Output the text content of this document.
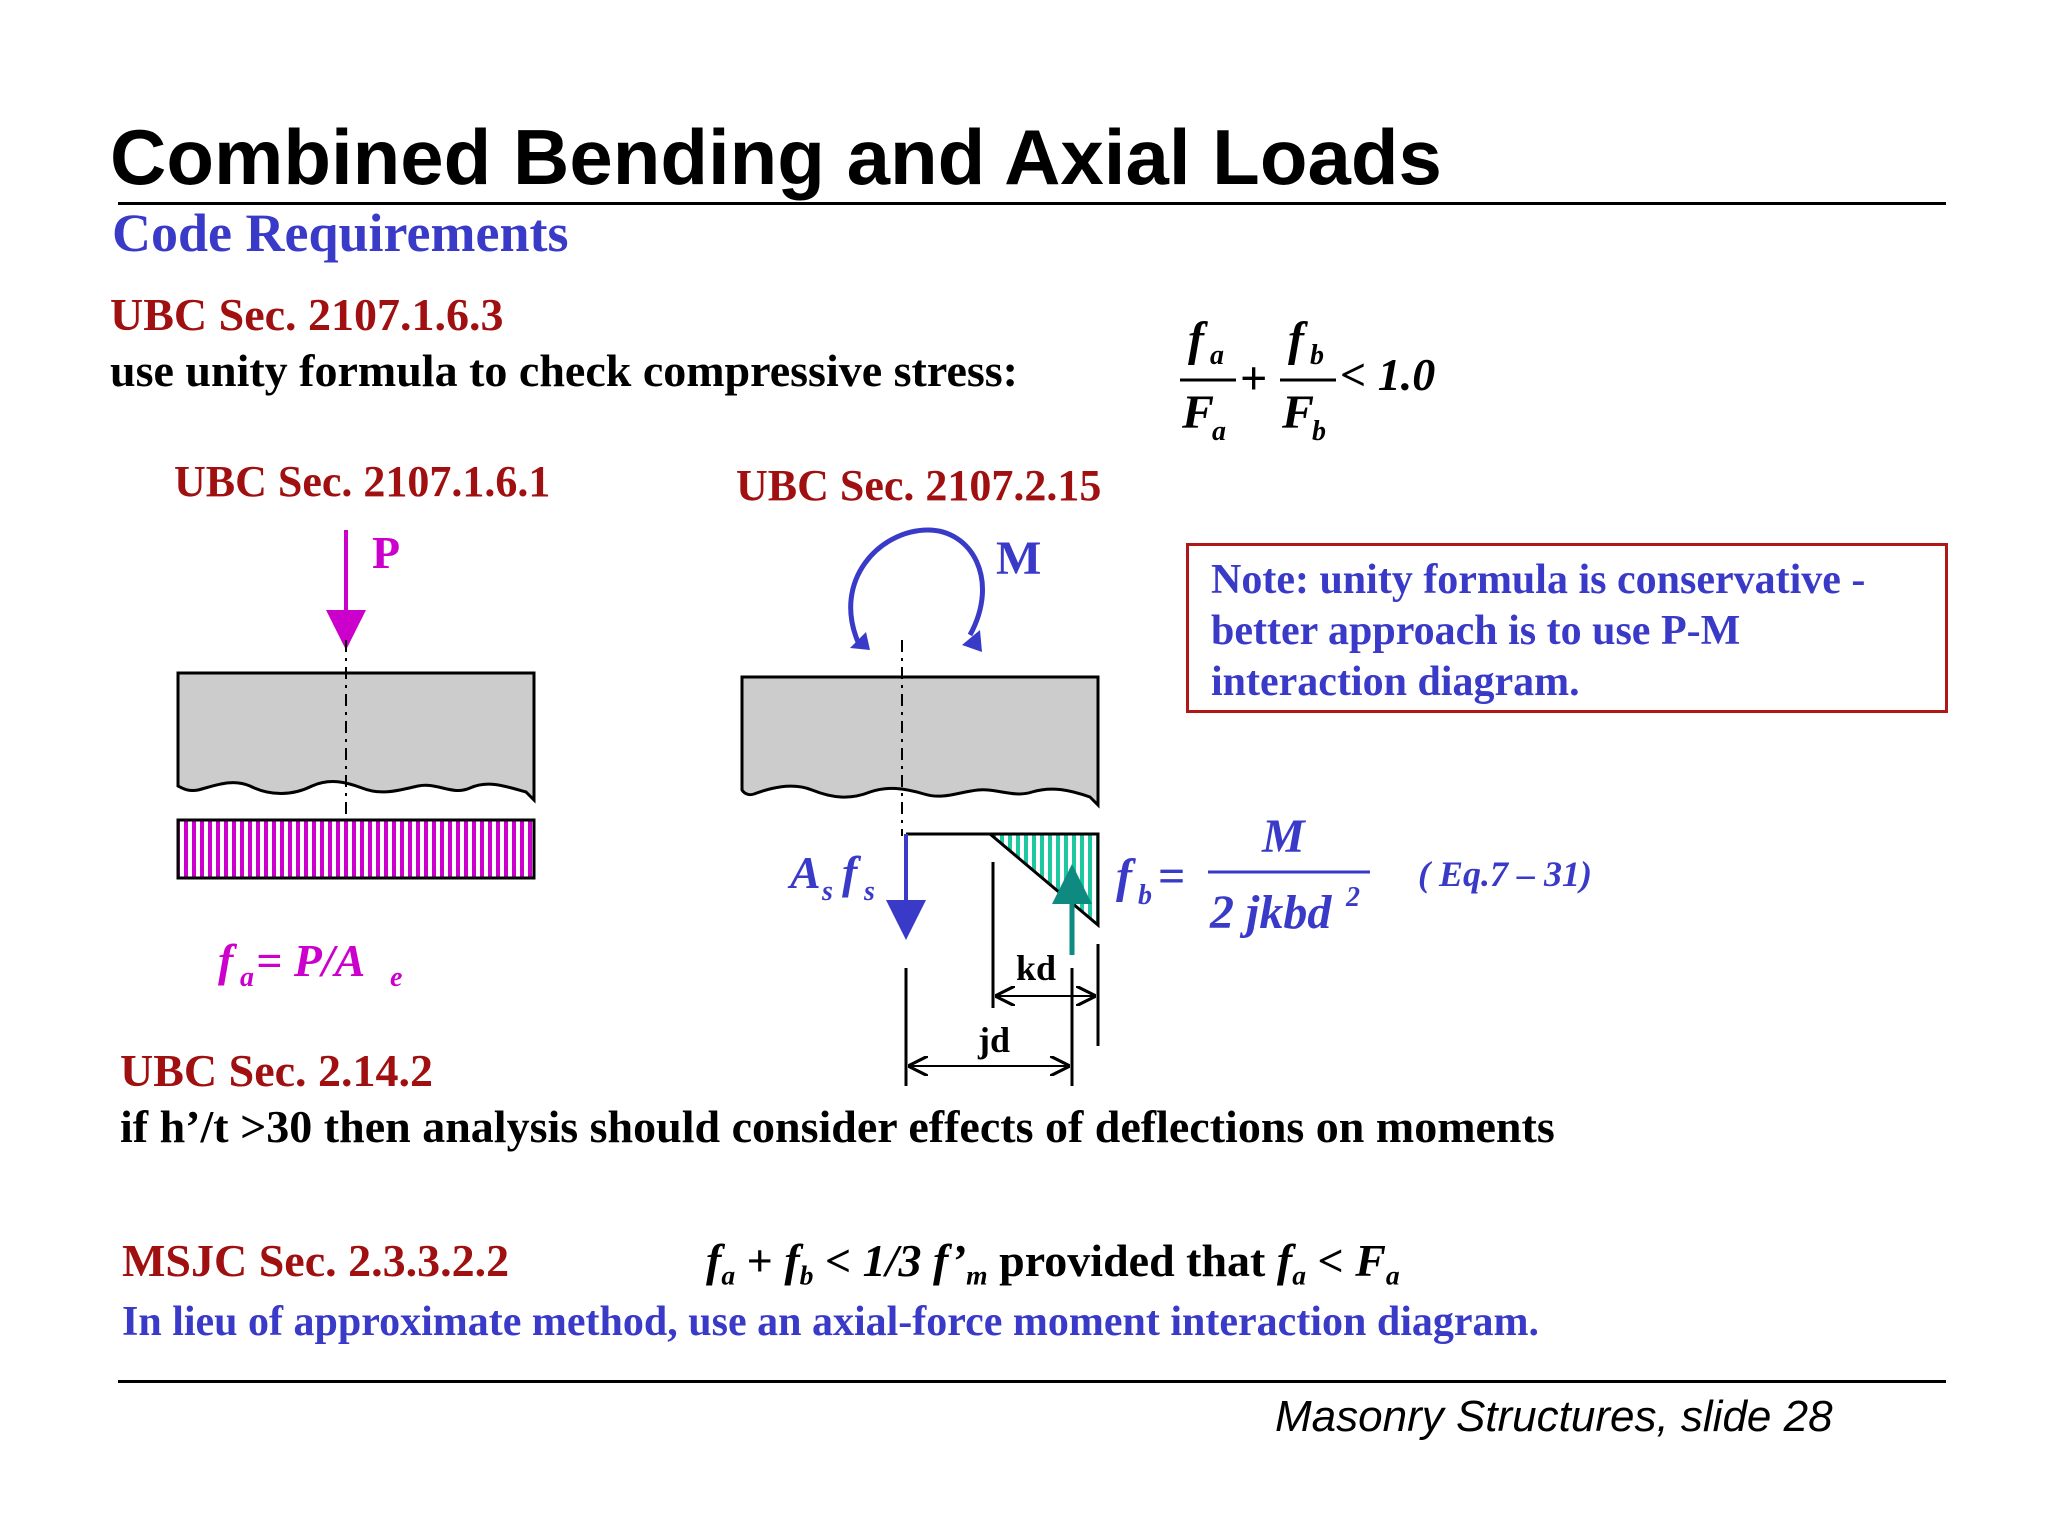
Combined Bending and Axial Loads
Code Requirements
UBC Sec. 2107.1.6.3
use unity formula to check compressive stress:
f a
F
a
+
f b
F
b
< 1.0
UBC Sec. 2107.1.6.1	UBC Sec. 2107.2.15
P
f a = P/A e
M
A s f s
kd
jd
f b =
M
2 jkbd 2
( Eq.7 – 31)
Note: unity formula is conservative -
better approach is to use P-M
interaction diagram.
UBC Sec. 2.14.2
if h’/t >30 then analysis should consider effects of deflections on moments
MSJC Sec. 2.3.3.2.2	$f_a + f_b < 1/3$ $f’_m$ provided that $f_a < F_a$
In lieu of approximate method, use an axial-force moment interaction diagram.
Masonry Structures, slide 28
